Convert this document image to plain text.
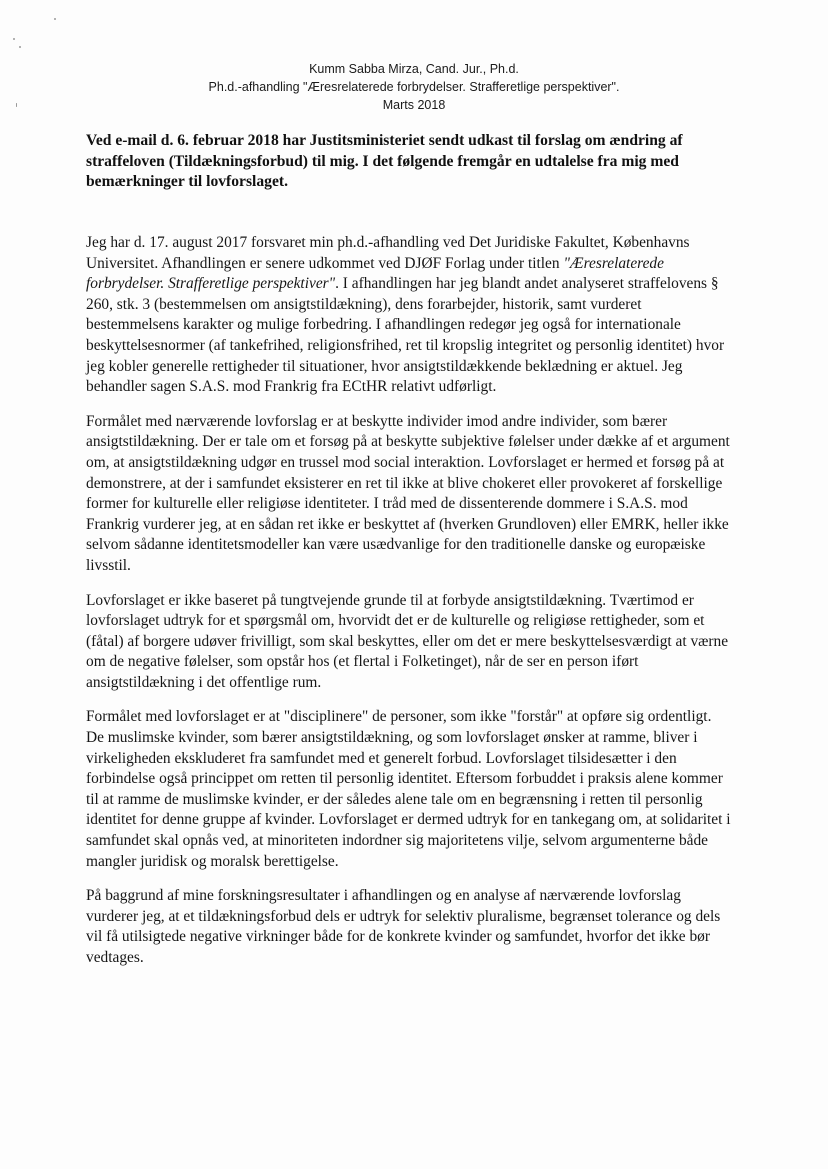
Kumm Sabba Mirza, Cand. Jur., Ph.d.
Ph.d.-afhandling "Æresrelaterede forbrydelser. Strafferetlige perspektiver".
Marts 2018
Ved e-mail d. 6. februar 2018 har Justitsministeriet sendt udkast til forslag om ændring af straffeloven (Tildækningsforbud) til mig. I det følgende fremgår en udtalelse fra mig med bemærkninger til lovforslaget.

Jeg har d. 17. august 2017 forsvaret min ph.d.-afhandling ved Det Juridiske Fakultet, Københavns Universitet. Afhandlingen er senere udkommet ved DJØF Forlag under titlen "Æresrelaterede forbrydelser. Strafferetlige perspektiver". I afhandlingen har jeg blandt andet analyseret straffelovens § 260, stk. 3 (bestemmelsen om ansigtstildækning), dens forarbejder, historik, samt vurderet bestemmelsens karakter og mulige forbedring. I afhandlingen redegør jeg også for internationale beskyttelsesnormer (af tankefrihed, religionsfrihed, ret til kropslig integritet og personlig identitet) hvor jeg kobler generelle rettigheder til situationer, hvor ansigtstildækkende beklædning er aktuel. Jeg behandler sagen S.A.S. mod Frankrig fra ECtHR relativt udførligt.

Formålet med nærværende lovforslag er at beskytte individer imod andre individer, som bærer ansigtstildækning. Der er tale om et forsøg på at beskytte subjektive følelser under dække af et argument om, at ansigtstildækning udgør en trussel mod social interaktion. Lovforslaget er hermed et forsøg på at demonstrere, at der i samfundet eksisterer en ret til ikke at blive chokeret eller provokeret af forskellige former for kulturelle eller religiøse identiteter. I tråd med de dissenterende dommere i S.A.S. mod Frankrig vurderer jeg, at en sådan ret ikke er beskyttet af (hverken Grundloven) eller EMRK, heller ikke selvom sådanne identitetsmodeller kan være usædvanlige for den traditionelle danske og europæiske livsstil.

Lovforslaget er ikke baseret på tungtvejende grunde til at forbyde ansigtstildækning. Tværtimod er lovforslaget udtryk for et spørgsmål om, hvorvidt det er de kulturelle og religiøse rettigheder, som et (fåtal) af borgere udøver frivilligt, som skal beskyttes, eller om det er mere beskyttelsesværdigt at værne om de negative følelser, som opstår hos (et flertal i Folketinget), når de ser en person iført ansigtstildækning i det offentlige rum.

Formålet med lovforslaget er at "disciplinere" de personer, som ikke "forstår" at opføre sig ordentligt. De muslimske kvinder, som bærer ansigtstildækning, og som lovforslaget ønsker at ramme, bliver i virkeligheden ekskluderet fra samfundet med et generelt forbud. Lovforslaget tilsidesætter i den forbindelse også princippet om retten til personlig identitet. Eftersom forbuddet i praksis alene kommer til at ramme de muslimske kvinder, er der således alene tale om en begrænsning i retten til personlig identitet for denne gruppe af kvinder. Lovforslaget er dermed udtryk for en tankegang om, at solidaritet i samfundet skal opnås ved, at minoriteten indordner sig majoritetens vilje, selvom argumenterne både mangler juridisk og moralsk berettigelse.

På baggrund af mine forskningsresultater i afhandlingen og en analyse af nærværende lovforslag vurderer jeg, at et tildækningsforbud dels er udtryk for selektiv pluralisme, begrænset tolerance og dels vil få utilsigtede negative virkninger både for de konkrete kvinder og samfundet, hvorfor det ikke bør vedtages.
